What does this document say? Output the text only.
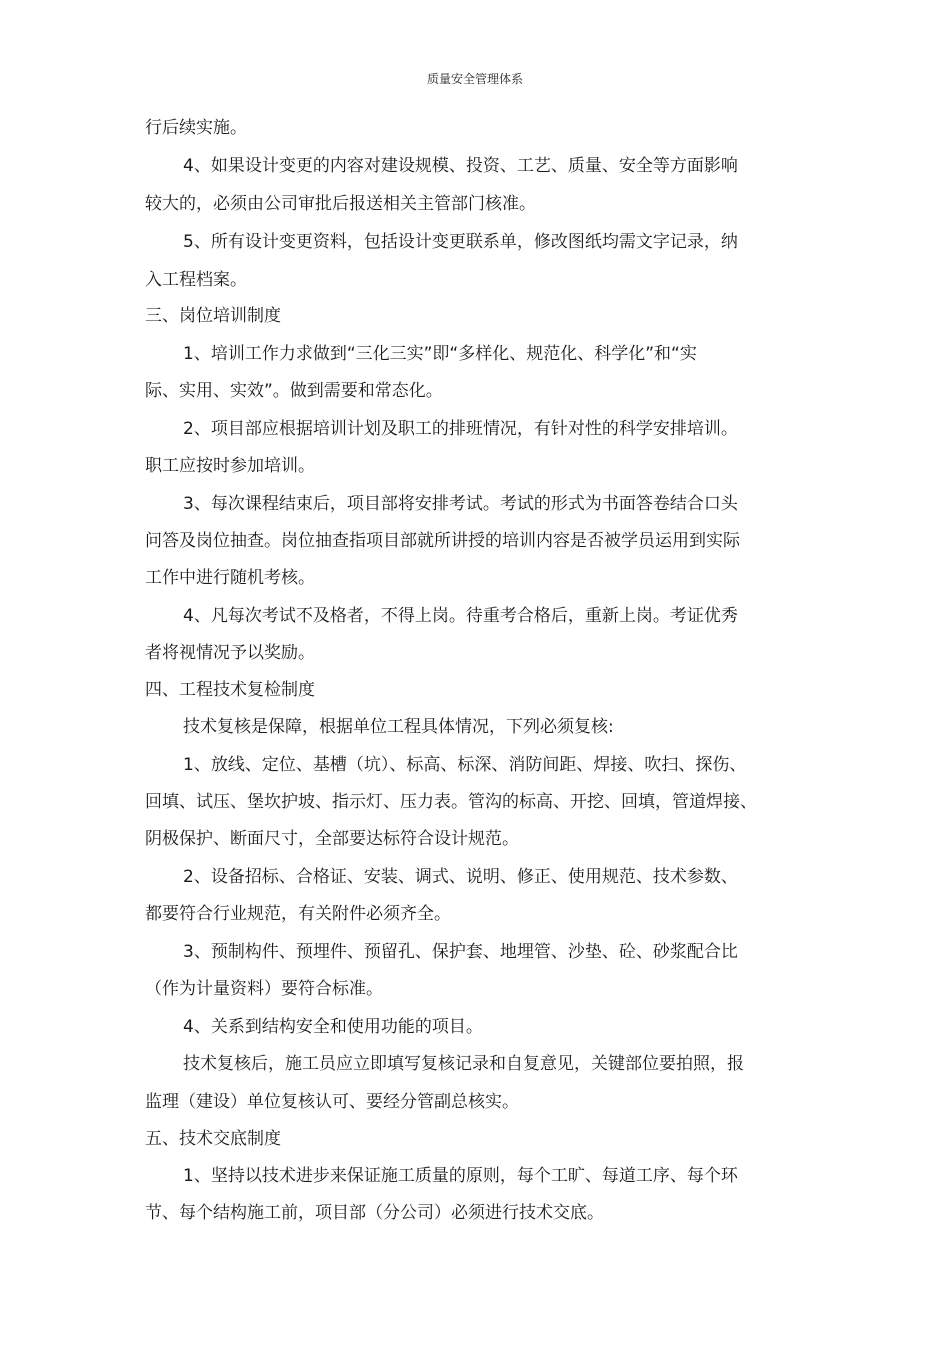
质量安全管理体系
行后续实施。
4、如果设计变更的内容对建设规模、投资、工艺、质量、安全等方面影响
较大的，必须由公司审批后报送相关主管部门核准。
5、所有设计变更资料，包括设计变更联系单，修改图纸均需文字记录，纳
入工程档案。
三、岗位培训制度
1、培训工作力求做到“三化三实”即“多样化、规范化、科学化”和“实
际、实用、实效”。做到需要和常态化。
2、项目部应根据培训计划及职工的排班情况，有针对性的科学安排培训。
职工应按时参加培训。
3、每次课程结束后，项目部将安排考试。考试的形式为书面答卷结合口头
问答及岗位抽查。岗位抽查指项目部就所讲授的培训内容是否被学员运用到实际
工作中进行随机考核。
4、凡每次考试不及格者，不得上岗。待重考合格后，重新上岗。考证优秀
者将视情况予以奖励。
四、工程技术复检制度
技术复核是保障，根据单位工程具体情况，下列必须复核:
1、放线、定位、基槽（坑）、标高、标深、消防间距、焊接、吹扫、探伤、
回填、试压、堡坎护坡、指示灯、压力表。管沟的标高、开挖、回填，管道焊接、
阴极保护、断面尺寸，全部要达标符合设计规范。
2、设备招标、合格证、安装、调式、说明、修正、使用规范、技术参数、
都要符合行业规范，有关附件必须齐全。
3、预制构件、预埋件、预留孔、保护套、地埋管、沙垫、砼、砂浆配合比
（作为计量资料）要符合标准。
4、关系到结构安全和使用功能的项目。
技术复核后，施工员应立即填写复核记录和自复意见，关键部位要拍照，报
监理（建设）单位复核认可、要经分管副总核实。
五、技术交底制度
1、坚持以技术进步来保证施工质量的原则，每个工旷、每道工序、每个环
节、每个结构施工前，项目部（分公司）必须进行技术交底。
